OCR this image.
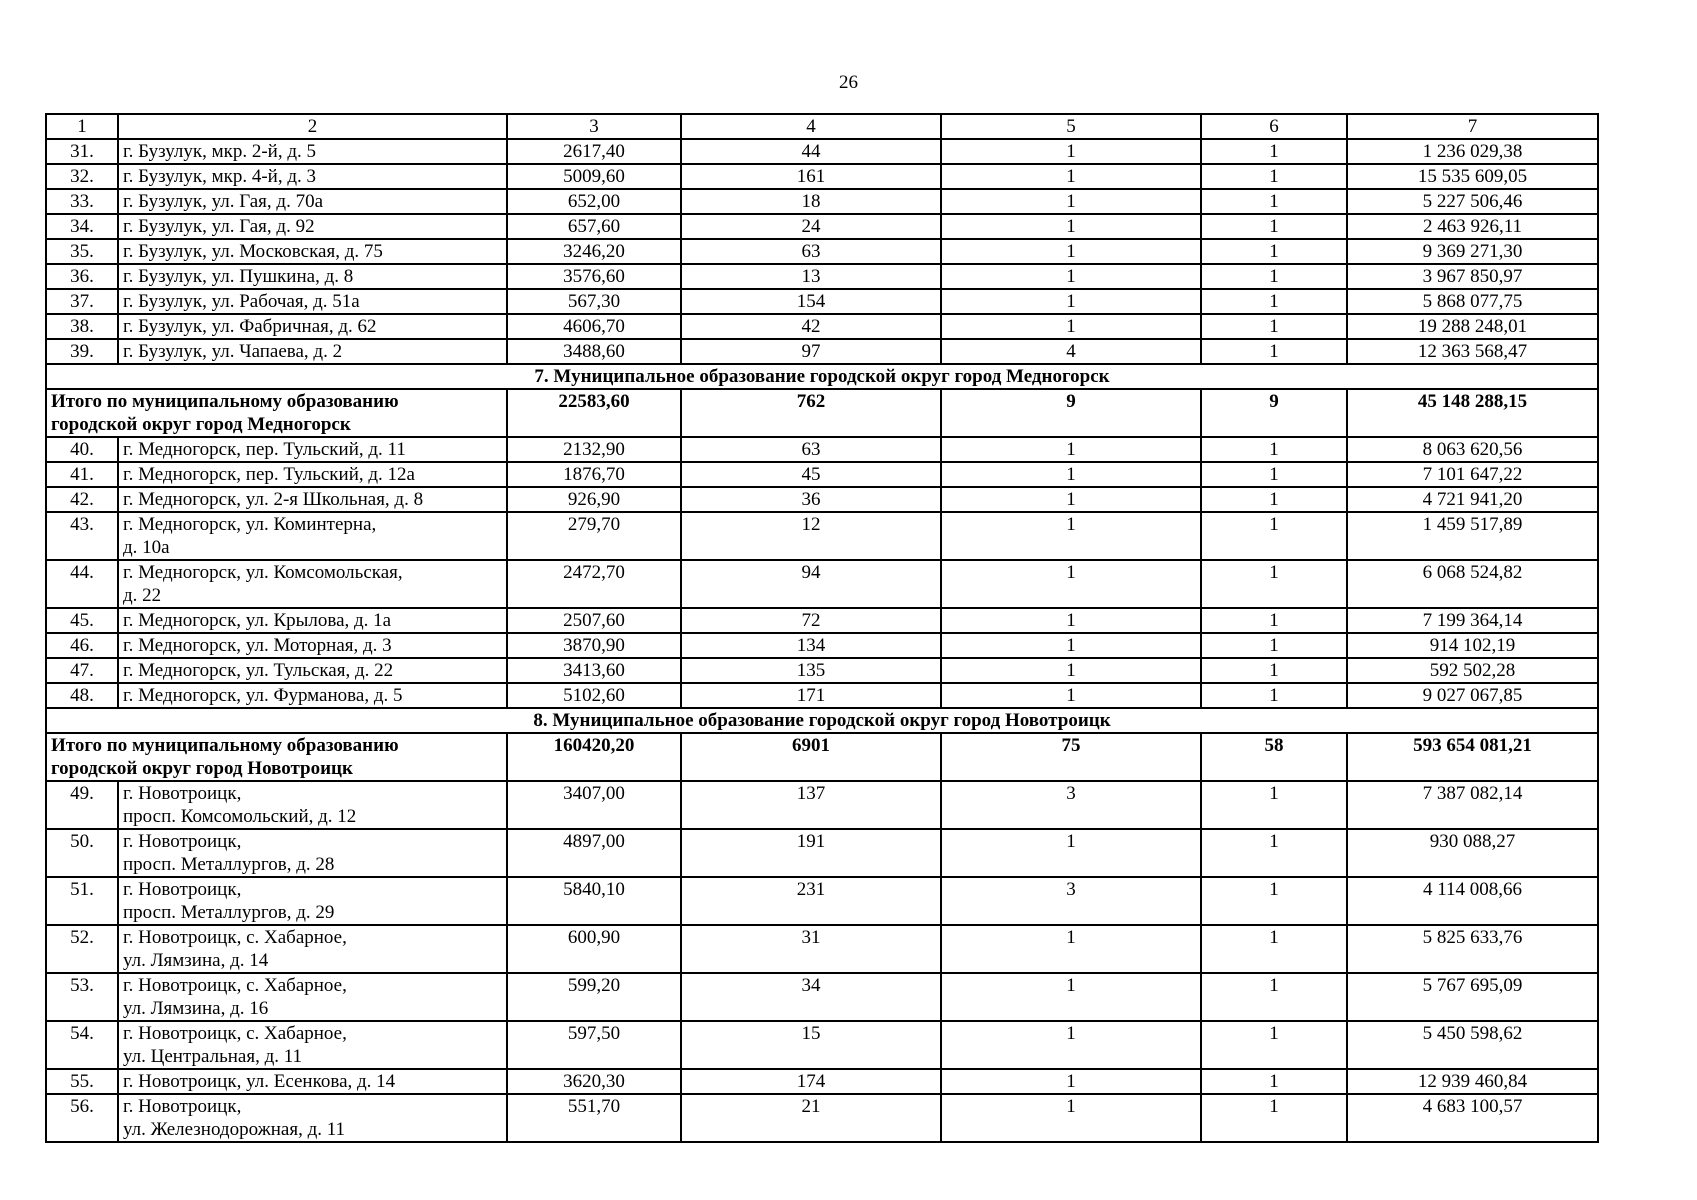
26
1	2	3	4	5	6	7
31.	г. Бузулук, мкр. 2-й, д. 5	2617,40	44	1	1	1 236 029,38
32.	г. Бузулук, мкр. 4-й, д. 3	5009,60	161	1	1	15 535 609,05
33.	г. Бузулук, ул. Гая, д. 70а	652,00	18	1	1	5 227 506,46
34.	г. Бузулук, ул. Гая, д. 92	657,60	24	1	1	2 463 926,11
35.	г. Бузулук, ул. Московская, д. 75	3246,20	63	1	1	9 369 271,30
36.	г. Бузулук, ул. Пушкина, д. 8	3576,60	13	1	1	3 967 850,97
37.	г. Бузулук, ул. Рабочая, д. 51а	567,30	154	1	1	5 868 077,75
38.	г. Бузулук, ул. Фабричная, д. 62	4606,70	42	1	1	19 288 248,01
39.	г. Бузулук, ул. Чапаева, д. 2	3488,60	97	4	1	12 363 568,47
7. Муниципальное образование городской округ город Медногорск						
Итого по муниципальному образованию
городской округ город Медногорск		22583,60	762	9	9	45 148 288,15
40.	г. Медногорск, пер. Тульский, д. 11	2132,90	63	1	1	8 063 620,56
41.	г. Медногорск, пер. Тульский, д. 12а	1876,70	45	1	1	7 101 647,22
42.	г. Медногорск, ул. 2-я Школьная, д. 8	926,90	36	1	1	4 721 941,20
43.	г. Медногорск, ул. Коминтерна,
д. 10а	279,70	12	1	1	1 459 517,89
44.	г. Медногорск, ул. Комсомольская,
д. 22	2472,70	94	1	1	6 068 524,82
45.	г. Медногорск, ул. Крылова, д. 1а	2507,60	72	1	1	7 199 364,14
46.	г. Медногорск, ул. Моторная, д. 3	3870,90	134	1	1	914 102,19
47.	г. Медногорск, ул. Тульская, д. 22	3413,60	135	1	1	592 502,28
48.	г. Медногорск, ул. Фурманова, д. 5	5102,60	171	1	1	9 027 067,85
8. Муниципальное образование городской округ город Новотроицк						
Итого по муниципальному образованию
городской округ город Новотроицк		160420,20	6901	75	58	593 654 081,21
49.	г. Новотроицк,
просп. Комсомольский, д. 12	3407,00	137	3	1	7 387 082,14
50.	г. Новотроицк,
просп. Металлургов, д. 28	4897,00	191	1	1	930 088,27
51.	г. Новотроицк,
просп. Металлургов, д. 29	5840,10	231	3	1	4 114 008,66
52.	г. Новотроицк, с. Хабарное,
ул. Лямзина, д. 14	600,90	31	1	1	5 825 633,76
53.	г. Новотроицк, с. Хабарное,
ул. Лямзина, д. 16	599,20	34	1	1	5 767 695,09
54.	г. Новотроицк, с. Хабарное,
ул. Центральная, д. 11	597,50	15	1	1	5 450 598,62
55.	г. Новотроицк, ул. Есенкова, д. 14	3620,30	174	1	1	12 939 460,84
56.	г. Новотроицк,
ул. Железнодорожная, д. 11	551,70	21	1	1	4 683 100,57
